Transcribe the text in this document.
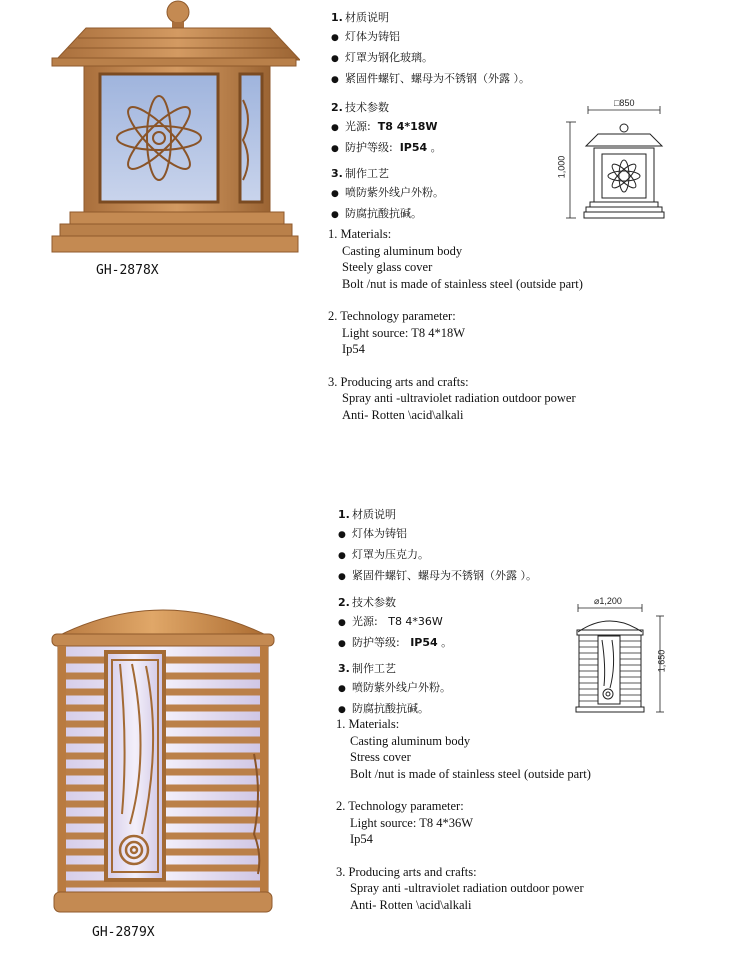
GH-2878X
1. 材质说明
● 灯体为铸铝
● 灯罩为钢化玻璃。
● 紧固件螺钉、螺母为不锈钢（外露 ）。
2. 技术参数
● 光源: T8 4*18W
● 防护等级: IP54 。
3. 制作工艺
● 喷防紫外线户外粉。
● 防腐抗酸抗碱。
□850
1,000
1. Materials:
Casting aluminum body
Steely glass cover
Bolt /nut is made of stainless steel (outside part)
2. Technology parameter:
Light source: T8 4*18W
Ip54
3. Producing arts and crafts:
Spray anti -ultraviolet radiation outdoor power
Anti- Rotten \acid\alkali
GH-2879X
1. 材质说明
● 灯体为铸铝
● 灯罩为压克力。
● 紧固件螺钉、螺母为不锈钢（外露 ）。
2. 技术参数
● 光源: T8 4*36W
● 防护等级: IP54 。
3. 制作工艺
● 喷防紫外线户外粉。
● 防腐抗酸抗碱。
⌀1,200
1,650
1. Materials:
Casting aluminum body
Stress cover
Bolt /nut is made of stainless steel (outside part)
2. Technology parameter:
Light source: T8 4*36W
Ip54
3. Producing arts and crafts:
Spray anti -ultraviolet radiation outdoor power
Anti- Rotten \acid\alkali
